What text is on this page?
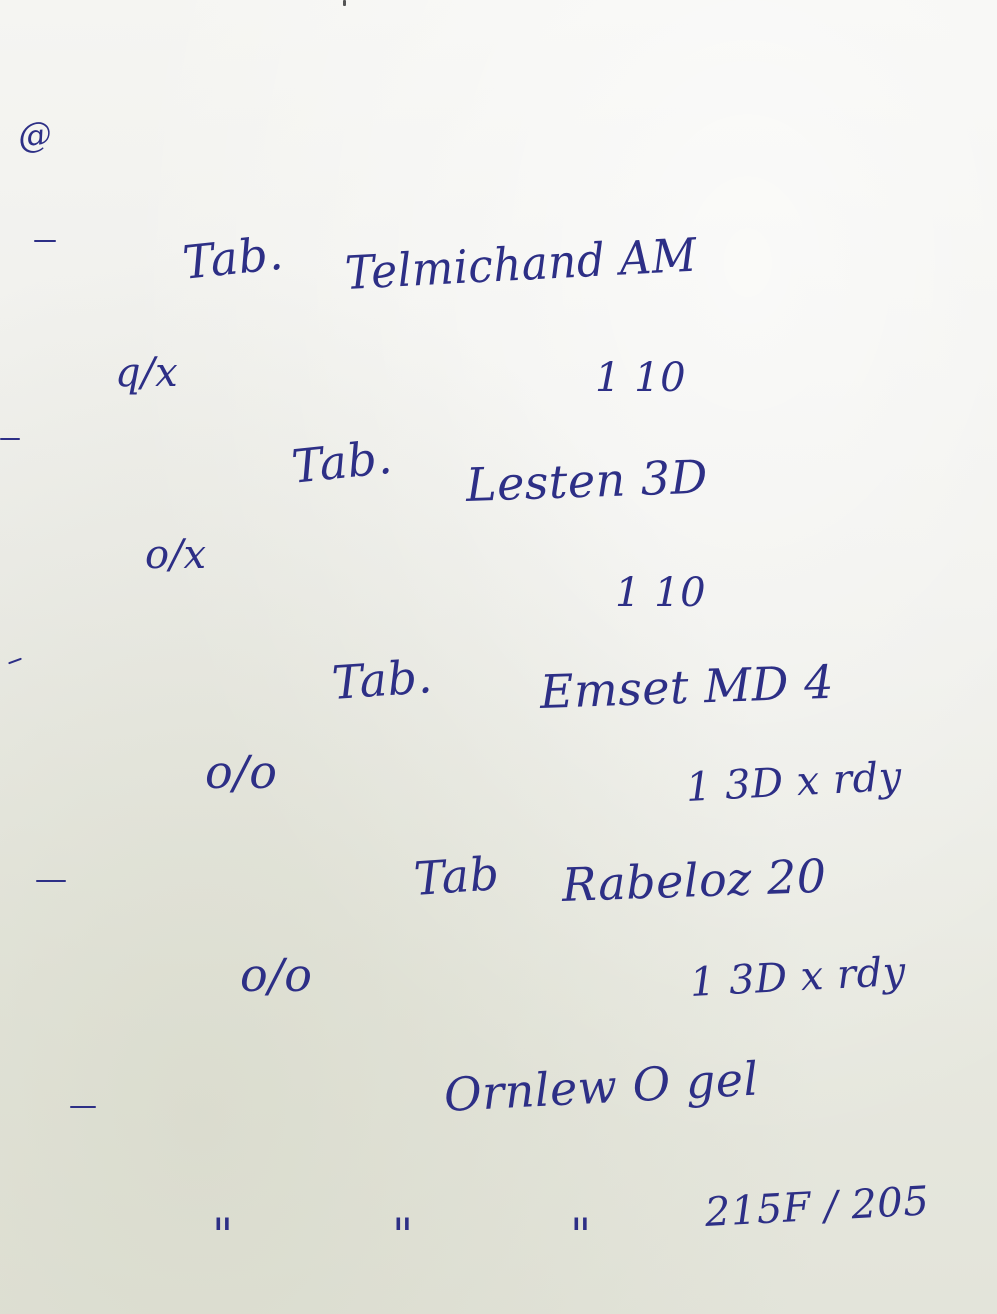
@
Tab. Telmichand AM
q/x	1 10
Tab. Lesten 3D
o/x
1 10
Tab. Emset MD 4
o/o	1 3D x rdy
Tab Rabeloz 20
o/o	1 3D x rdy
Ornlew O gel
"	"	"	215F / 205
